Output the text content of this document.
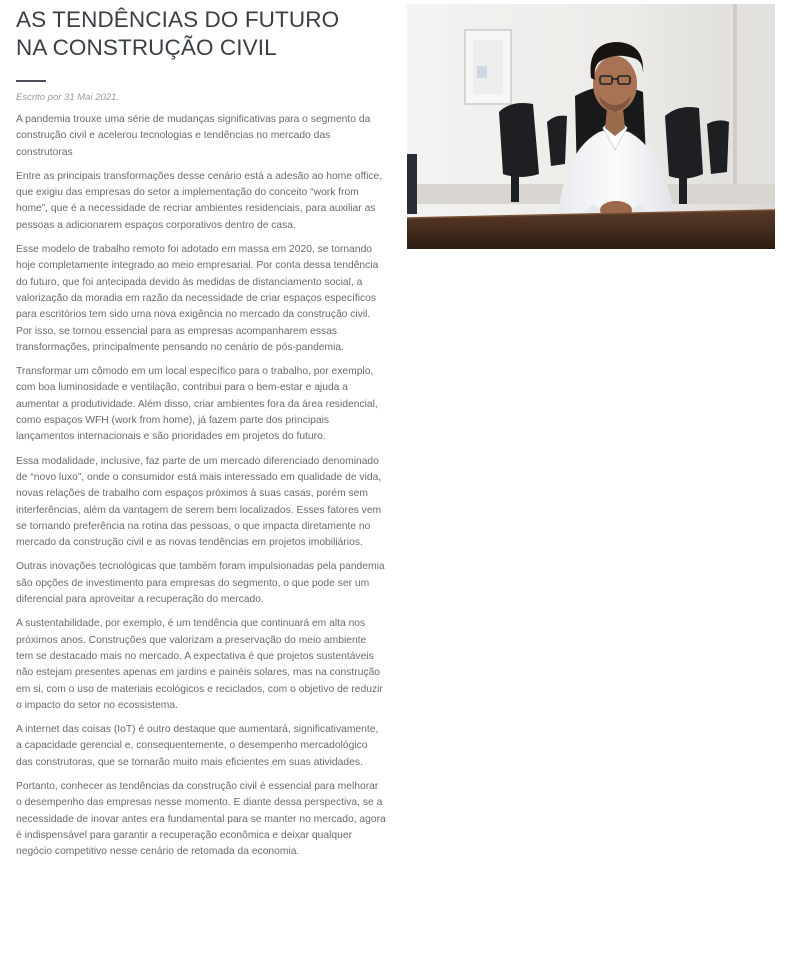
AS TENDÊNCIAS DO FUTURO
NA CONSTRUÇÃO CIVIL
Escrito por 31 Mai 2021.

A pandemia trouxe uma série de mudanças significativas para o segmento da construção civil e acelerou tecnologias e tendências no mercado das construtoras

Entre as principais transformações desse cenário está a adesão ao home office, que exigiu das empresas do setor a implementação do conceito “work from home”, que é a necessidade de recriar ambientes residenciais, para auxiliar as pessoas a adicionarem espaços corporativos dentro de casa.

Esse modelo de trabalho remoto foi adotado em massa em 2020, se tornando hoje completamente integrado ao meio empresarial. Por conta dessa tendência do futuro, que foi antecipada devido às medidas de distanciamento social, a valorização da moradia em razão da necessidade de criar espaços específicos para escritórios tem sido uma nova exigência no mercado da construção civil. Por isso, se tornou essencial para as empresas acompanharem essas transformações, principalmente pensando no cenário de pós-pandemia.

Transformar um cômodo em um local específico para o trabalho, por exemplo, com boa luminosidade e ventilação, contribui para o bem-estar e ajuda a aumentar a produtividade. Além disso, criar ambientes fora da área residencial, como espaços WFH (work from home), já fazem parte dos principais lançamentos internacionais e são prioridades em projetos do futuro.

Essa modalidade, inclusive, faz parte de um mercado diferenciado denominado de “novo luxo”, onde o consumidor está mais interessado em qualidade de vida, novas relações de trabalho com espaços próximos à suas casas, porém sem interferências, além da vantagem de serem bem localizados. Esses fatores vem se tornando preferência na rotina das pessoas, o que impacta diretamente no mercado da construção civil e as novas tendências em projetos imobiliários.

Outras inovações tecnológicas que também foram impulsionadas pela pandemia são opções de investimento para empresas do segmento, o que pode ser um diferencial para aproveitar a recuperação do mercado.

A sustentabilidade, por exemplo, é um tendência que continuará em alta nos próximos anos. Construções que valorizam a preservação do meio ambiente tem se destacado mais no mercado. A expectativa é que projetos sustentáveis não estejam presentes apenas em jardins e painéis solares, mas na construção em si, com o uso de materiais ecológicos e reciclados, com o objetivo de reduzir o impacto do setor no ecossistema.

A internet das coisas (IoT) é outro destaque que aumentará, significativamente, a capacidade gerencial e, consequentemente, o desempenho mercadológico das construtoras, que se tornarão muito mais eficientes em suas atividades.

Portanto, conhecer as tendências da construção civil é essencial para melhorar o desempenho das empresas nesse momento. E diante dessa perspectiva, se a necessidade de inovar antes era fundamental para se manter no mercado, agora é indispensável para garantir a recuperação econômica e deixar qualquer negócio competitivo nesse cenário de retomada da economia.
